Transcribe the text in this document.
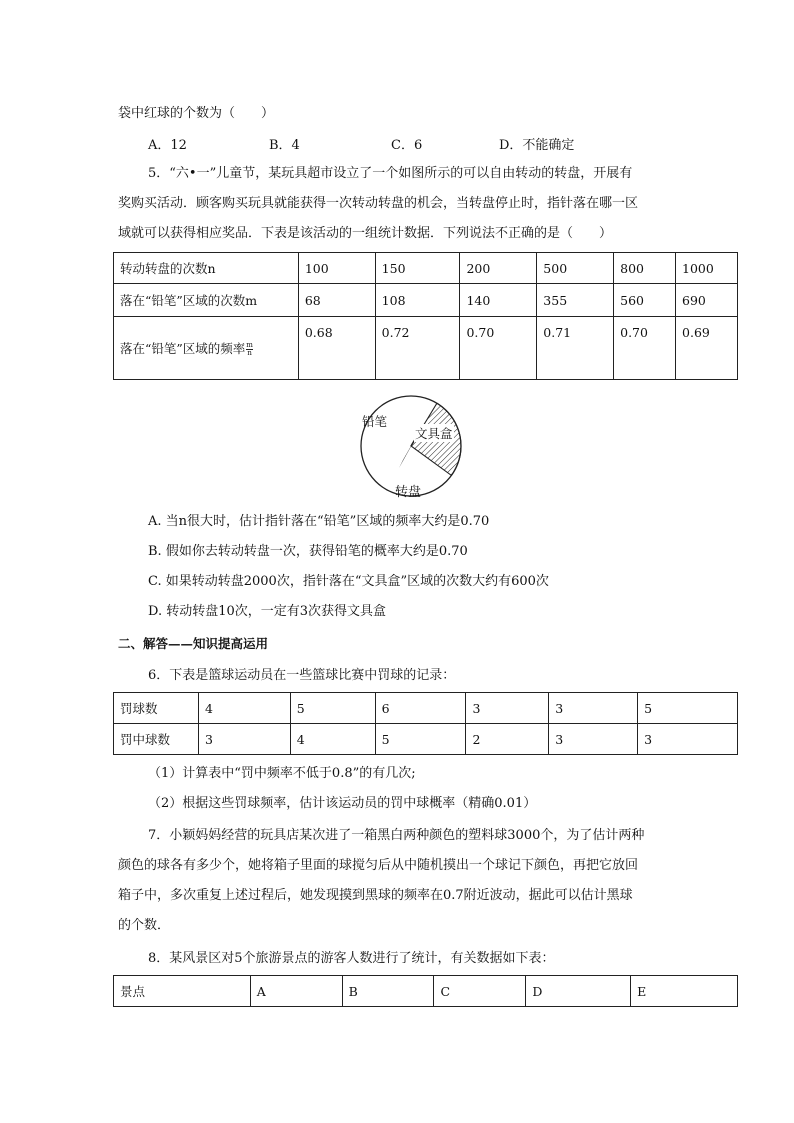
袋中红球的个数为（　　）
A．12	B．4	C．6	D．不能确定
5．“六•一”儿童节，某玩具超市设立了一个如图所示的可以自由转动的转盘，开展有
奖购买活动．顾客购买玩具就能获得一次转动转盘的机会，当转盘停止时，指针落在哪一区
域就可以获得相应奖品．下表是该活动的一组统计数据．下列说法不正确的是（　　）
转动转盘的次数n	100	150	200	500	800	1000
落在“铅笔”区域的次数m	68	108	140	355	560	690
落在“铅笔”区域的频率 $\frac{m}{n}$	0.68	0.72	0.70	0.71	0.70	0.69
铅笔
文具盒
转盘
A. 当n很大时，估计指针落在“铅笔”区域的频率大约是0.70
B. 假如你去转动转盘一次，获得铅笔的概率大约是0.70
C. 如果转动转盘2000次，指针落在“文具盒”区域的次数大约有600次
D. 转动转盘10次，一定有3次获得文具盒
二、解答——知识提高运用
6．下表是篮球运动员在一些篮球比赛中罚球的记录：
罚球数	4	5	6	3	3	5
罚中球数	3	4	5	2	3	3
（1）计算表中“罚中频率不低于0.8”的有几次;
（2）根据这些罚球频率，估计该运动员的罚中球概率（精确0.01）
7．小颖妈妈经营的玩具店某次进了一箱黑白两种颜色的塑料球3000个，为了估计两种
颜色的球各有多少个，她将箱子里面的球搅匀后从中随机摸出一个球记下颜色，再把它放回
箱子中，多次重复上述过程后，她发现摸到黑球的频率在0.7附近波动，据此可以估计黑球
的个数．
8．某风景区对5个旅游景点的游客人数进行了统计，有关数据如下表：
景点	A	B	C	D	E
